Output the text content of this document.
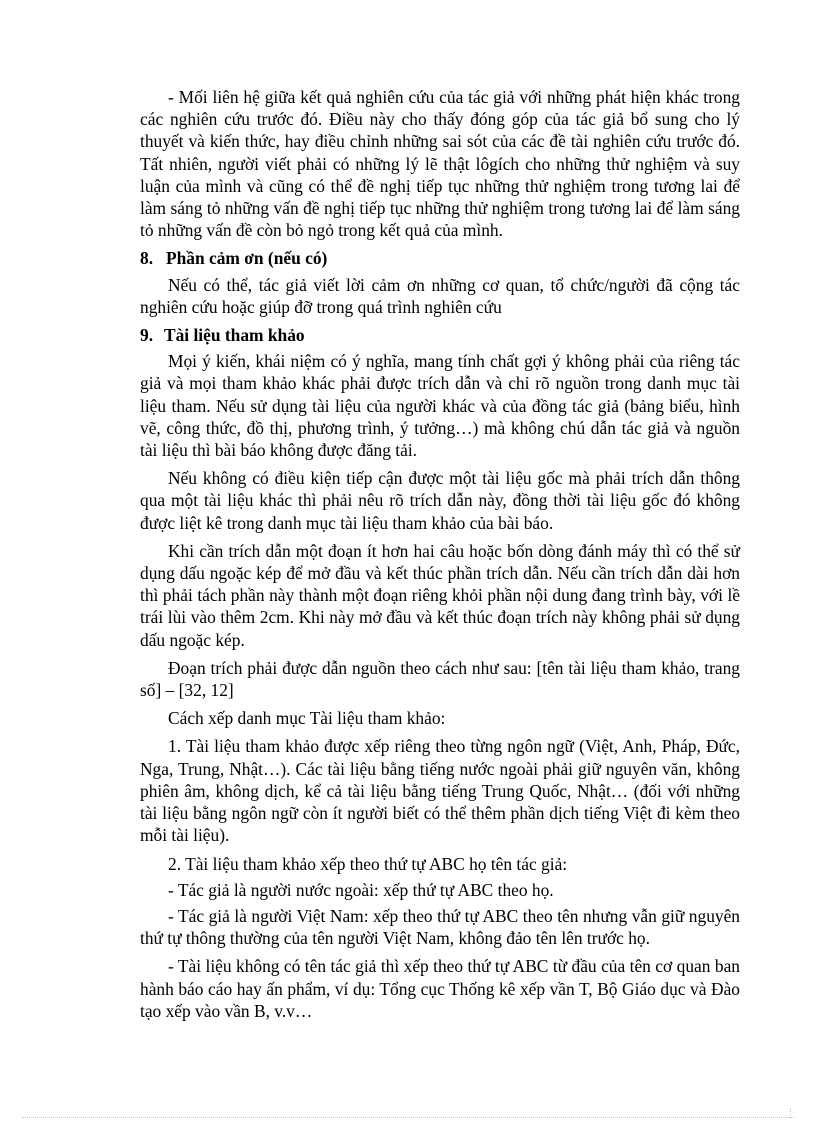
- Mối liên hệ giữa kết quả nghiên cứu của tác giả với những phát hiện khác trong các nghiên cứu trước đó. Điều này cho thấy đóng góp của tác giả bổ sung cho lý thuyết và kiến thức, hay điều chỉnh những sai sót của các đề tài nghiên cứu trước đó. Tất nhiên, người viết phải có những lý lẽ thật lôgích cho những thử nghiệm và suy luận của mình và cũng có thể đề nghị tiếp tục những thử nghiệm trong tương lai để làm sáng tỏ những vấn đề nghị tiếp tục những thử nghiệm trong tương lai để làm sáng tỏ những vấn đề còn bỏ ngỏ trong kết quả của mình.

8. Phần cảm ơn (nếu có)

Nếu có thể, tác giả viết lời cảm ơn những cơ quan, tổ chức/người đã cộng tác nghiên cứu hoặc giúp đỡ trong quá trình nghiên cứu

9. Tài liệu tham khảo

Mọi ý kiến, khái niệm có ý nghĩa, mang tính chất gợi ý không phải của riêng tác giả và mọi tham khảo khác phải được trích dẫn và chỉ rõ nguồn trong danh mục tài liệu tham. Nếu sử dụng tài liệu của người khác và của đồng tác giả (bảng biểu, hình vẽ, công thức, đồ thị, phương trình, ý tưởng…) mà không chú dẫn tác giả và nguồn tài liệu thì bài báo không được đăng tải.

Nếu không có điều kiện tiếp cận được một tài liệu gốc mà phải trích dẫn thông qua một tài liệu khác thì phải nêu rõ trích dẫn này, đồng thời tài liệu gốc đó không được liệt kê trong danh mục tài liệu tham khảo của bài báo.

Khi cần trích dẫn một đoạn ít hơn hai câu hoặc bốn dòng đánh máy thì có thể sử dụng dấu ngoặc kép để mở đầu và kết thúc phần trích dẫn. Nếu cần trích dẫn dài hơn thì phải tách phần này thành một đoạn riêng khỏi phần nội dung đang trình bày, với lề trái lùi vào thêm 2cm. Khi này mở đầu và kết thúc đoạn trích này không phải sử dụng dấu ngoặc kép.

Đoạn trích phải được dẫn nguồn theo cách như sau: [tên tài liệu tham khảo, trang số] – [32, 12]

Cách xếp danh mục Tài liệu tham khảo:

1. Tài liệu tham khảo được xếp riêng theo từng ngôn ngữ (Việt, Anh, Pháp, Đức, Nga, Trung, Nhật…). Các tài liệu bằng tiếng nước ngoài phải giữ nguyên văn, không phiên âm, không dịch, kể cả tài liệu bằng tiếng Trung Quốc, Nhật… (đối với những tài liệu bằng ngôn ngữ còn ít người biết có thể thêm phần dịch tiếng Việt đi kèm theo mỗi tài liệu).

2. Tài liệu tham khảo xếp theo thứ tự ABC họ tên tác giả:

- Tác giả là người nước ngoài: xếp thứ tự ABC theo họ.

- Tác giả là người Việt Nam: xếp theo thứ tự ABC theo tên nhưng vẫn giữ nguyên thứ tự thông thường của tên người Việt Nam, không đảo tên lên trước họ.

- Tài liệu không có tên tác giả thì xếp theo thứ tự ABC từ đầu của tên cơ quan ban hành báo cáo hay ấn phẩm, ví dụ: Tổng cục Thống kê xếp vần T, Bộ Giáo dục và Đào tạo xếp vào vần B, v.v…
